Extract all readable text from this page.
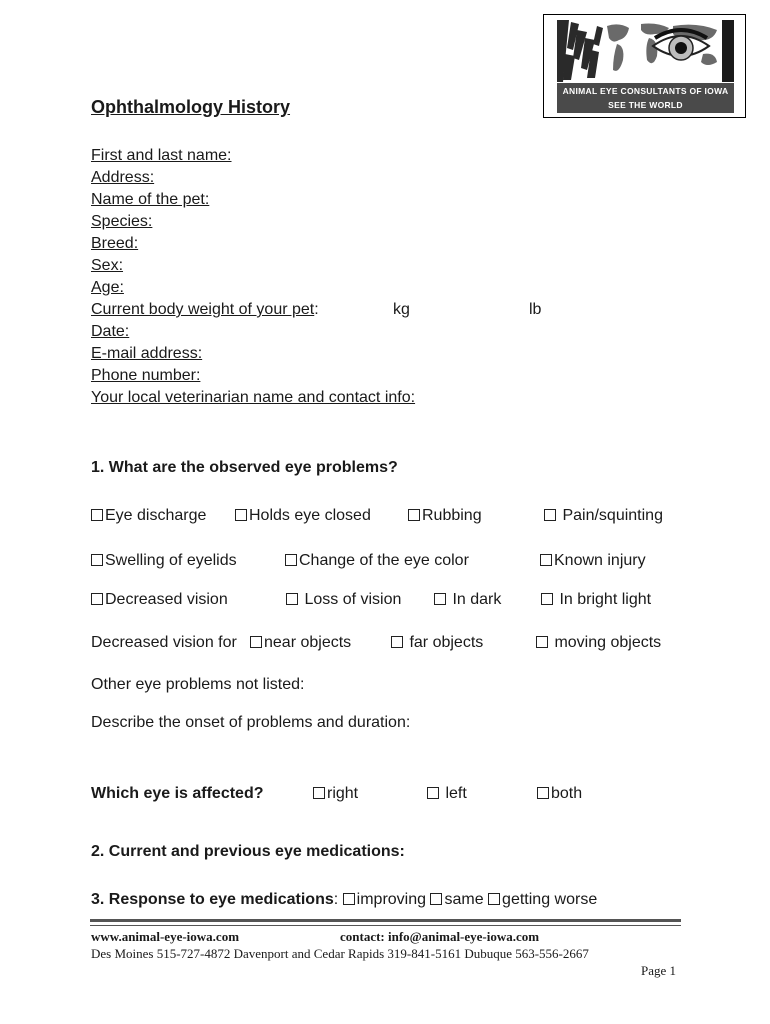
ANIMAL EYE CONSULTANTS OF IOWA
SEE THE WORLD
Ophthalmology History
First and last name:
Address:
Name of the pet:
Species:
Breed:
Sex:
Age:
Current body weight of your pet:	kg	lb
Date:
E-mail address:
Phone number:
Your local veterinarian name and contact info:
1. What are the observed eye problems?
Eye discharge	Holds eye closed	Rubbing	Pain/squinting
Swelling of eyelids	Change of the eye color	Known injury
Decreased vision	Loss of vision	In dark	In bright light
Decreased vision for	near objects	far objects	moving objects
Other eye problems not listed:
Describe the onset of problems and duration:
Which eye is affected?	right	left	both
2. Current and previous eye medications:
3. Response to eye medications: improving same getting worse
www.animal-eye-iowa.com	contact: info@animal-eye-iowa.com
Des Moines 515-727-4872 Davenport and Cedar Rapids 319-841-5161 Dubuque 563-556-2667
Page 1
